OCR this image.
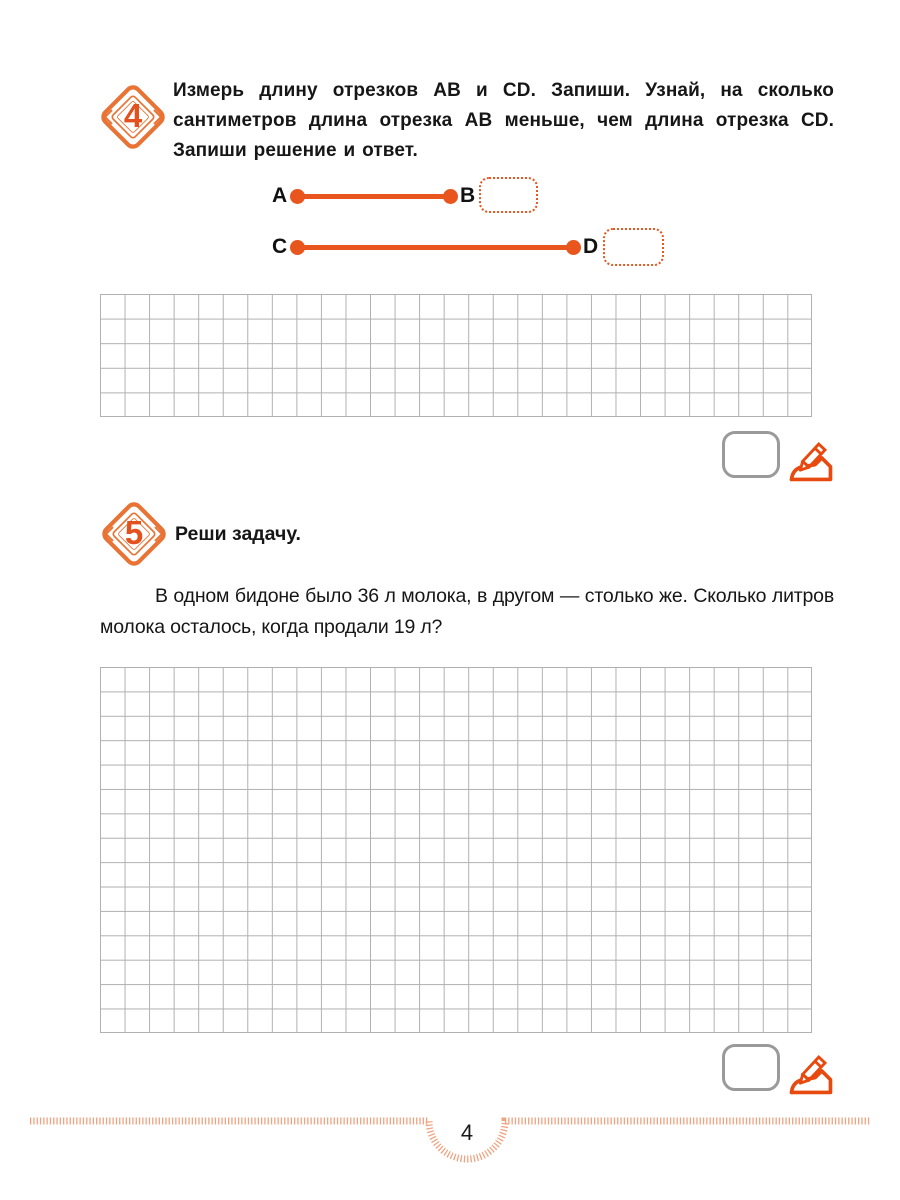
4

Измерь длину отрезков AB и CD. Запиши. Узнай, на сколько сантиметров длина отрезка AB меньше, чем длина отрезка CD. Запиши решение и ответ.

A	B
C	D
5	Реши задачу.

В одном бидоне было 36 л молока, в другом — столько же. Сколько литров молока осталось, когда продали 19 л?

4
